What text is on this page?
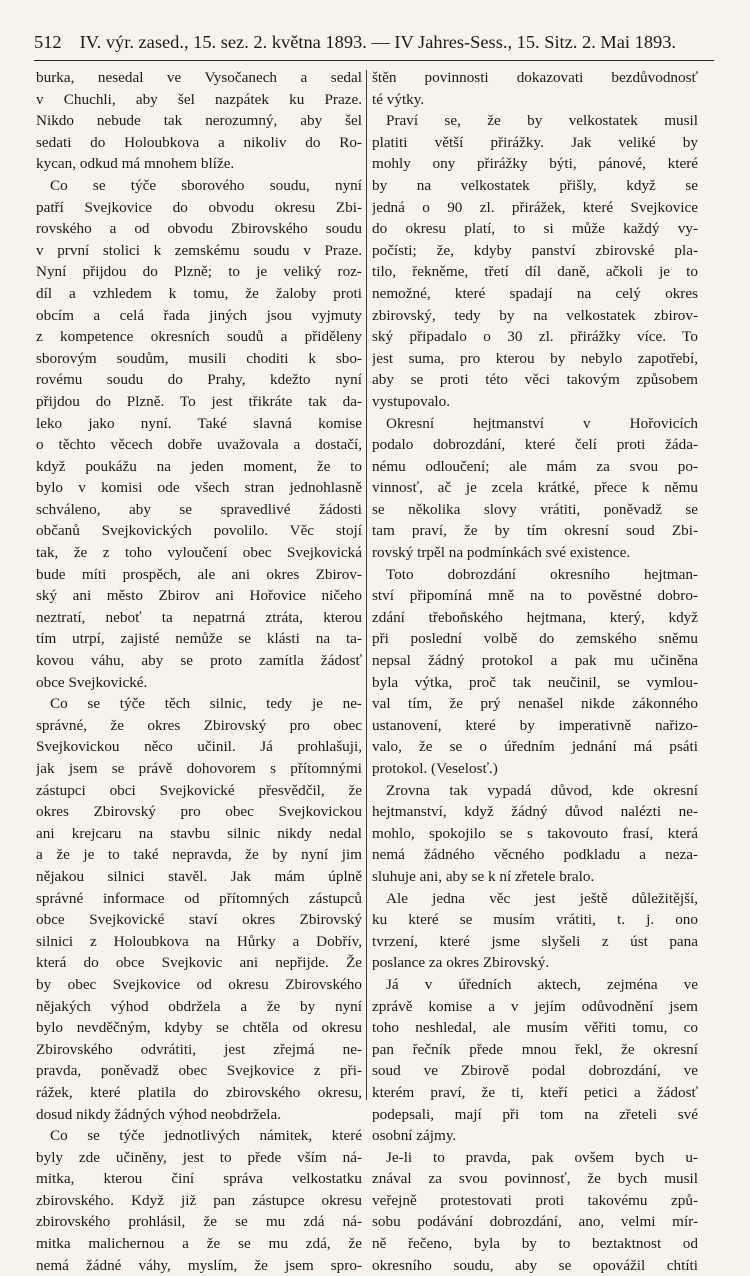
512 IV. výr. zased., 15. sez. 2. května 1893. — IV Jahres-Sess., 15. Sitz. 2. Mai 1893.
burka, nesedal ve Vysočanech a sedal
v Chuchli, aby šel nazpátek ku Praze.
Nikdo nebude tak nerozumný, aby šel
sedati do Holoubkova a nikoliv do Ro-
kycan, odkud má mnohem blíže.
Co se týče sborového soudu, nyní
patří Svejkovice do obvodu okresu Zbi-
rovského a od obvodu Zbirovského soudu
v první stolici k zemskému soudu v Praze.
Nyní přijdou do Plzně; to je veliký roz-
díl a vzhledem k tomu, že žaloby proti
obcím a celá řada jiných jsou vyjmuty
z kompetence okresních soudů a přiděleny
sborovým soudům, musili choditi k sbo-
rovému soudu do Prahy, kdežto nyní
přijdou do Plzně. To jest třikráte tak da-
leko jako nyní. Také slavná komise
o těchto věcech dobře uvažovala a dostačí,
když poukážu na jeden moment, že to
bylo v komisi ode všech stran jednohlasně
schváleno, aby se spravedlivé žádosti
občanů Svejkovických povolilo. Věc stojí
tak, že z toho vyloučení obec Svejkovická
bude míti prospěch, ale ani okres Zbirov-
ský ani město Zbirov ani Hořovice ničeho
neztratí, neboť ta nepatrná ztráta, kterou
tím utrpí, zajisté nemůže se klásti na ta-
kovou váhu, aby se proto zamítla žádosť
obce Svejkovické.
Co se týče těch silnic, tedy je ne-
správné, že okres Zbirovský pro obec
Svejkovickou něco učinil. Já prohlašuji,
jak jsem se právě dohovorem s přítomnými
zástupci obci Svejkovické přesvědčil, že
okres Zbirovský pro obec Svejkovickou
ani krejcaru na stavbu silnic nikdy nedal
a že je to také nepravda, že by nyní jim
nějakou silnici stavěl. Jak mám úplně
správné informace od přítomných zástupců
obce Svejkovické staví okres Zbirovský
silnici z Holoubkova na Hůrky a Dobřív,
která do obce Svejkovic ani nepřijde. Že
by obec Svejkovice od okresu Zbirovského
nějakých výhod obdržela a že by nyní
bylo nevděčným, kdyby se chtěla od okresu
Zbirovského odvrátiti, jest zřejmá ne-
pravda, poněvadž obec Svejkovice z při-
rážek, které platila do zbirovského okresu,
dosud nikdy žádných výhod neobdržela.
Co se týče jednotlivých námitek, které
byly zde učiněny, jest to přede vším ná-
mitka, kterou činí správa velkostatku
zbirovského. Když již pan zástupce okresu
zbirovského prohlásil, že se mu zdá ná-
mitka malichernou a že se mu zdá, že
nemá žádné váhy, myslím, že jsem spro-
štěn povinnosti dokazovati bezdůvodnosť
té výtky.
Praví se, že by velkostatek musil
platiti větší přirážky. Jak veliké by
mohly ony přirážky býti, pánové, které
by na velkostatek přišly, když se
jedná o 90 zl. přirážek, které Svejkovice
do okresu platí, to si může každý vy-
počísti; že, kdyby panství zbirovské pla-
tilo, řekněme, třetí díl daně, ačkoli je to
nemožné, které spadají na celý okres
zbirovský, tedy by na velkostatek zbirov-
ský připadalo o 30 zl. přirážky více. To
jest suma, pro kterou by nebylo zapotřebí,
aby se proti této věci takovým způsobem
vystupovalo.
Okresní hejtmanství v Hořovicích
podalo dobrozdání, které čelí proti žáda-
nému odloučení; ale mám za svou po-
vinnosť, ač je zcela krátké, přece k němu
se několika slovy vrátiti, poněvadž se
tam praví, že by tím okresní soud Zbi-
rovský trpěl na podmínkách své existence.
Toto dobrozdání okresního hejtman-
ství připomíná mně na to pověstné dobro-
zdání třeboňského hejtmana, který, když
při poslední volbě do zemského sněmu
nepsal žádný protokol a pak mu učiněna
byla výtka, proč tak neučinil, se vymlou-
val tím, že prý nenašel nikde zákonného
ustanovení, které by imperativně nařizo-
valo, že se o úředním jednání má psáti
protokol. (Veselosť.)
Zrovna tak vypadá důvod, kde okresní
hejtmanství, když žádný důvod nalézti ne-
mohlo, spokojilo se s takovouto frasí, která
nemá žádného věcného podkladu a neza-
sluhuje ani, aby se k ní zřetele bralo.
Ale jedna věc jest ještě důležitější,
ku které se musím vrátiti, t. j. ono
tvrzení, které jsme slyšeli z úst pana
poslance za okres Zbirovský.
Já v úředních aktech, zejména ve
zprávě komise a v jejím odůvodnění jsem
toho neshledal, ale musím věřiti tomu, co
pan řečník přede mnou řekl, že okresní
soud ve Zbirově podal dobrozdání, ve
kterém praví, že ti, kteří petici a žádosť
podepsali, mají při tom na zřeteli své
osobní zájmy.
Je-li to pravda, pak ovšem bych u-
znával za svou povinnosť, že bych musil
veřejně protestovati proti takovému způ-
sobu podávání dobrozdání, ano, velmi mír-
ně řečeno, byla by to beztaktnost od
okresního soudu, aby se opovážil chtíti
